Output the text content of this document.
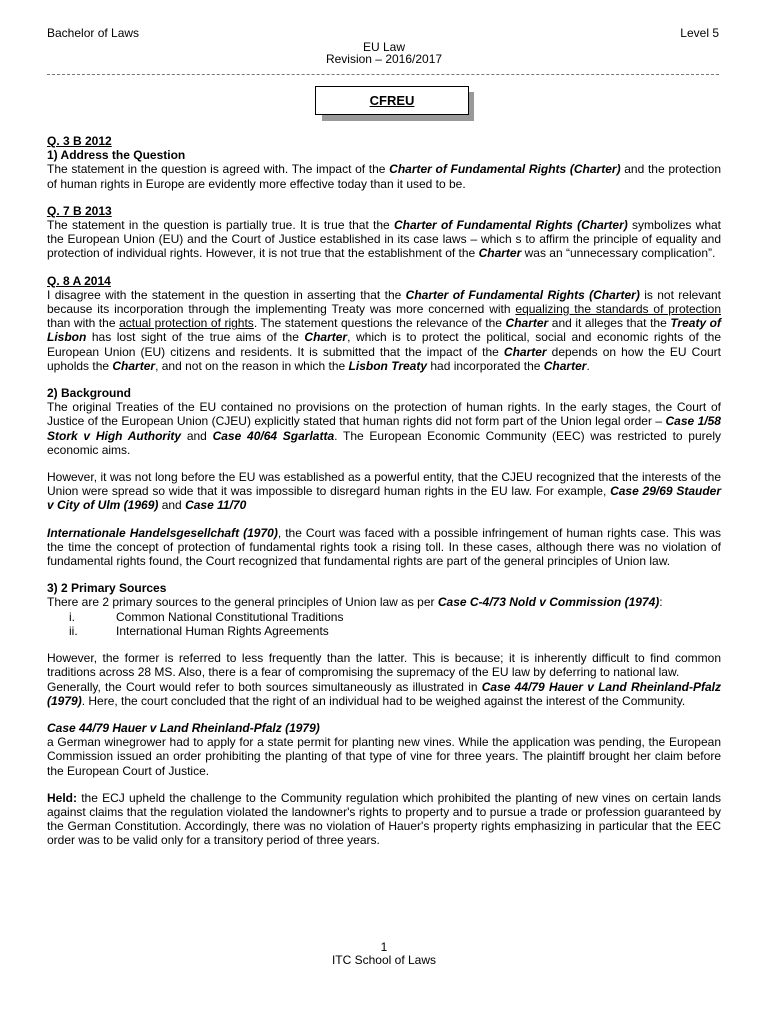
Bachelor of Laws	Level 5
EU Law
Revision – 2016/2017
CFREU
Q. 3 B 2012
1) Address the Question

The statement in the question is agreed with. The impact of the Charter of Fundamental Rights (Charter) and the protection of human rights in Europe are evidently more effective today than it used to be.

Q. 7 B 2013

The statement in the question is partially true. It is true that the Charter of Fundamental Rights (Charter) symbolizes what the European Union (EU) and the Court of Justice established in its case laws – which s to affirm the principle of equality and protection of individual rights. However, it is not true that the establishment of the Charter was an “unnecessary complication”.

Q. 8 A 2014

I disagree with the statement in the question in asserting that the Charter of Fundamental Rights (Charter) is not relevant because its incorporation through the implementing Treaty was more concerned with equalizing the standards of protection than with the actual protection of rights. The statement questions the relevance of the Charter and it alleges that the Treaty of Lisbon has lost sight of the true aims of the Charter, which is to protect the political, social and economic rights of the European Union (EU) citizens and residents. It is submitted that the impact of the Charter depends on how the EU Court upholds the Charter, and not on the reason in which the Lisbon Treaty had incorporated the Charter.

2) Background

The original Treaties of the EU contained no provisions on the protection of human rights. In the early stages, the Court of Justice of the European Union (CJEU) explicitly stated that human rights did not form part of the Union legal order – Case 1/58 Stork v High Authority and Case 40/64 Sgarlatta. The European Economic Community (EEC) was restricted to purely economic aims.

However, it was not long before the EU was established as a powerful entity, that the CJEU recognized that the interests of the Union were spread so wide that it was impossible to disregard human rights in the EU law. For example, Case 29/69 Stauder v City of Ulm (1969) and Case 11/70

Internationale Handelsgesellchaft (1970), the Court was faced with a possible infringement of human rights case. This was the time the concept of protection of fundamental rights took a rising toll. In these cases, although there was no violation of fundamental rights found, the Court recognized that fundamental rights are part of the general principles of Union law.

3) 2 Primary Sources

There are 2 primary sources to the general principles of Union law as per Case C-4/73 Nold v Commission (1974):

i.	Common National Constitutional Traditions
ii.	International Human Rights Agreements

However, the former is referred to less frequently than the latter. This is because; it is inherently difficult to find common traditions across 28 MS. Also, there is a fear of compromising the supremacy of the EU law by deferring to national law.

Generally, the Court would refer to both sources simultaneously as illustrated in Case 44/79 Hauer v Land Rheinland-Pfalz (1979). Here, the court concluded that the right of an individual had to be weighed against the interest of the Community.

Case 44/79 Hauer v Land Rheinland-Pfalz (1979)

a German winegrower had to apply for a state permit for planting new vines. While the application was pending, the European Commission issued an order prohibiting the planting of that type of vine for three years. The plaintiff brought her claim before the European Court of Justice.

Held: the ECJ upheld the challenge to the Community regulation which prohibited the planting of new vines on certain lands against claims that the regulation violated the landowner's rights to property and to pursue a trade or profession guaranteed by the German Constitution. Accordingly, there was no violation of Hauer's property rights emphasizing in particular that the EEC order was to be valid only for a transitory period of three years.

1
ITC School of Laws
